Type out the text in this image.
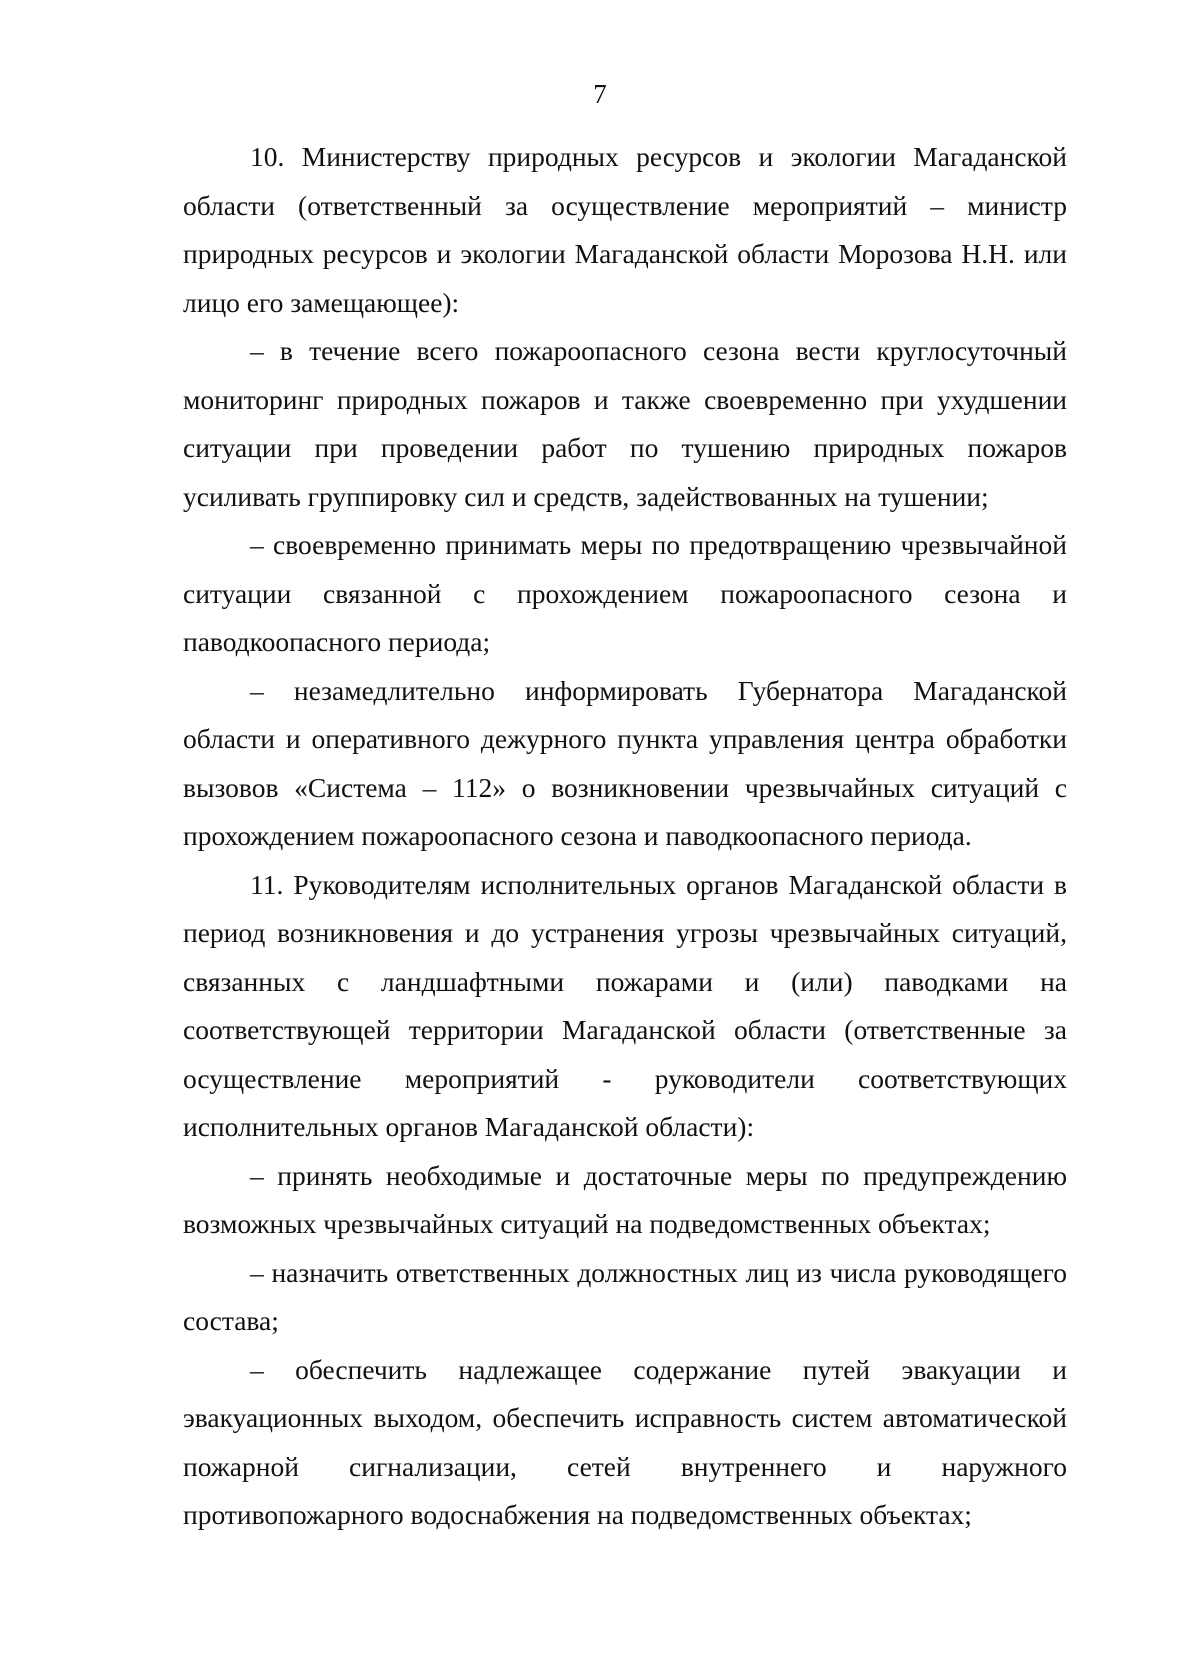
7

10. Министерству природных ресурсов и экологии Магаданской области (ответственный за осуществление мероприятий – министр природных ресурсов и экологии Магаданской области Морозова Н.Н. или лицо его замещающее):

– в течение всего пожароопасного сезона вести круглосуточный мониторинг природных пожаров и также своевременно при ухудшении ситуации при проведении работ по тушению природных пожаров усиливать группировку сил и средств, задействованных на тушении;

– своевременно принимать меры по предотвращению чрезвычайной ситуации связанной с прохождением пожароопасного сезона и паводкоопасного периода;

– незамедлительно информировать Губернатора Магаданской области и оперативного дежурного пункта управления центра обработки вызовов «Система – 112» о возникновении чрезвычайных ситуаций с прохождением пожароопасного сезона и паводкоопасного периода.

11. Руководителям исполнительных органов Магаданской области в период возникновения и до устранения угрозы чрезвычайных ситуаций, связанных с ландшафтными пожарами и (или) паводками на соответствующей территории Магаданской области (ответственные за осуществление мероприятий - руководители соответствующих исполнительных органов Магаданской области):

– принять необходимые и достаточные меры по предупреждению возможных чрезвычайных ситуаций на подведомственных объектах;

– назначить ответственных должностных лиц из числа руководящего состава;

– обеспечить надлежащее содержание путей эвакуации и эвакуационных выходом, обеспечить исправность систем автоматической пожарной сигнализации, сетей внутреннего и наружного противопожарного водоснабжения на подведомственных объектах;
